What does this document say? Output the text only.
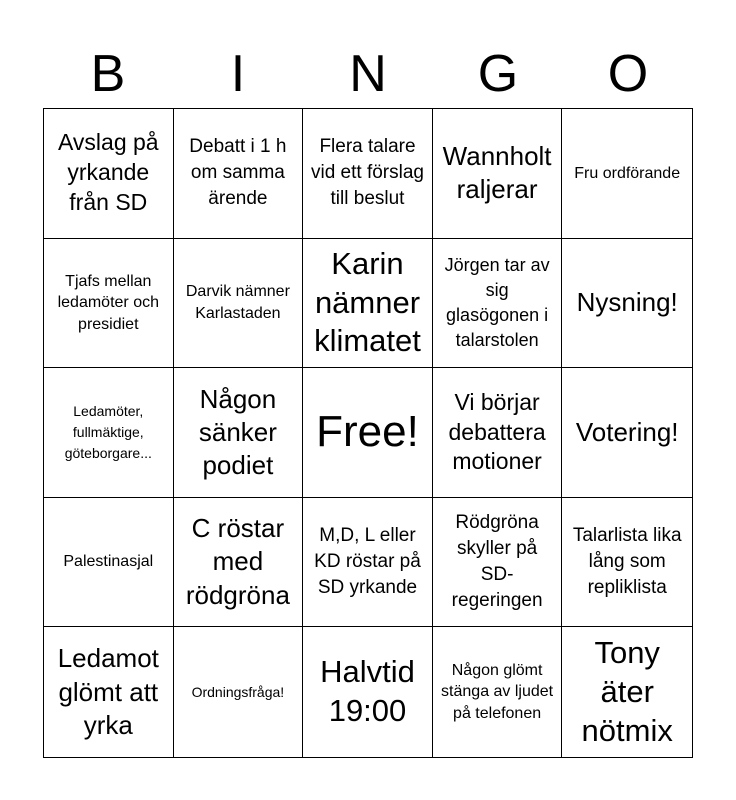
B	I	N	G	O
Avslag på yrkande från SD
Debatt i 1 h om samma ärende
Flera talare vid ett förslag till beslut
Wannholt raljerar
Fru ordförande
Tjafs mellan ledamöter och presidiet
Darvik nämner Karlastaden
Karin nämner klimatet
Jörgen tar av sig glasögonen i talarstolen
Nysning!
Ledamöter, fullmäktige, göteborgare...
Någon sänker podiet
Free!
Vi börjar debattera motioner
Votering!
Palestinasjal
C röstar med rödgröna
M,D, L eller KD röstar på SD yrkande
Rödgröna skyller på SD-regeringen
Talarlista lika lång som repliklista
Ledamot glömt att yrka
Ordningsfråga!
Halvtid 19:00
Någon glömt stänga av ljudet på telefonen
Tony äter nötmix
